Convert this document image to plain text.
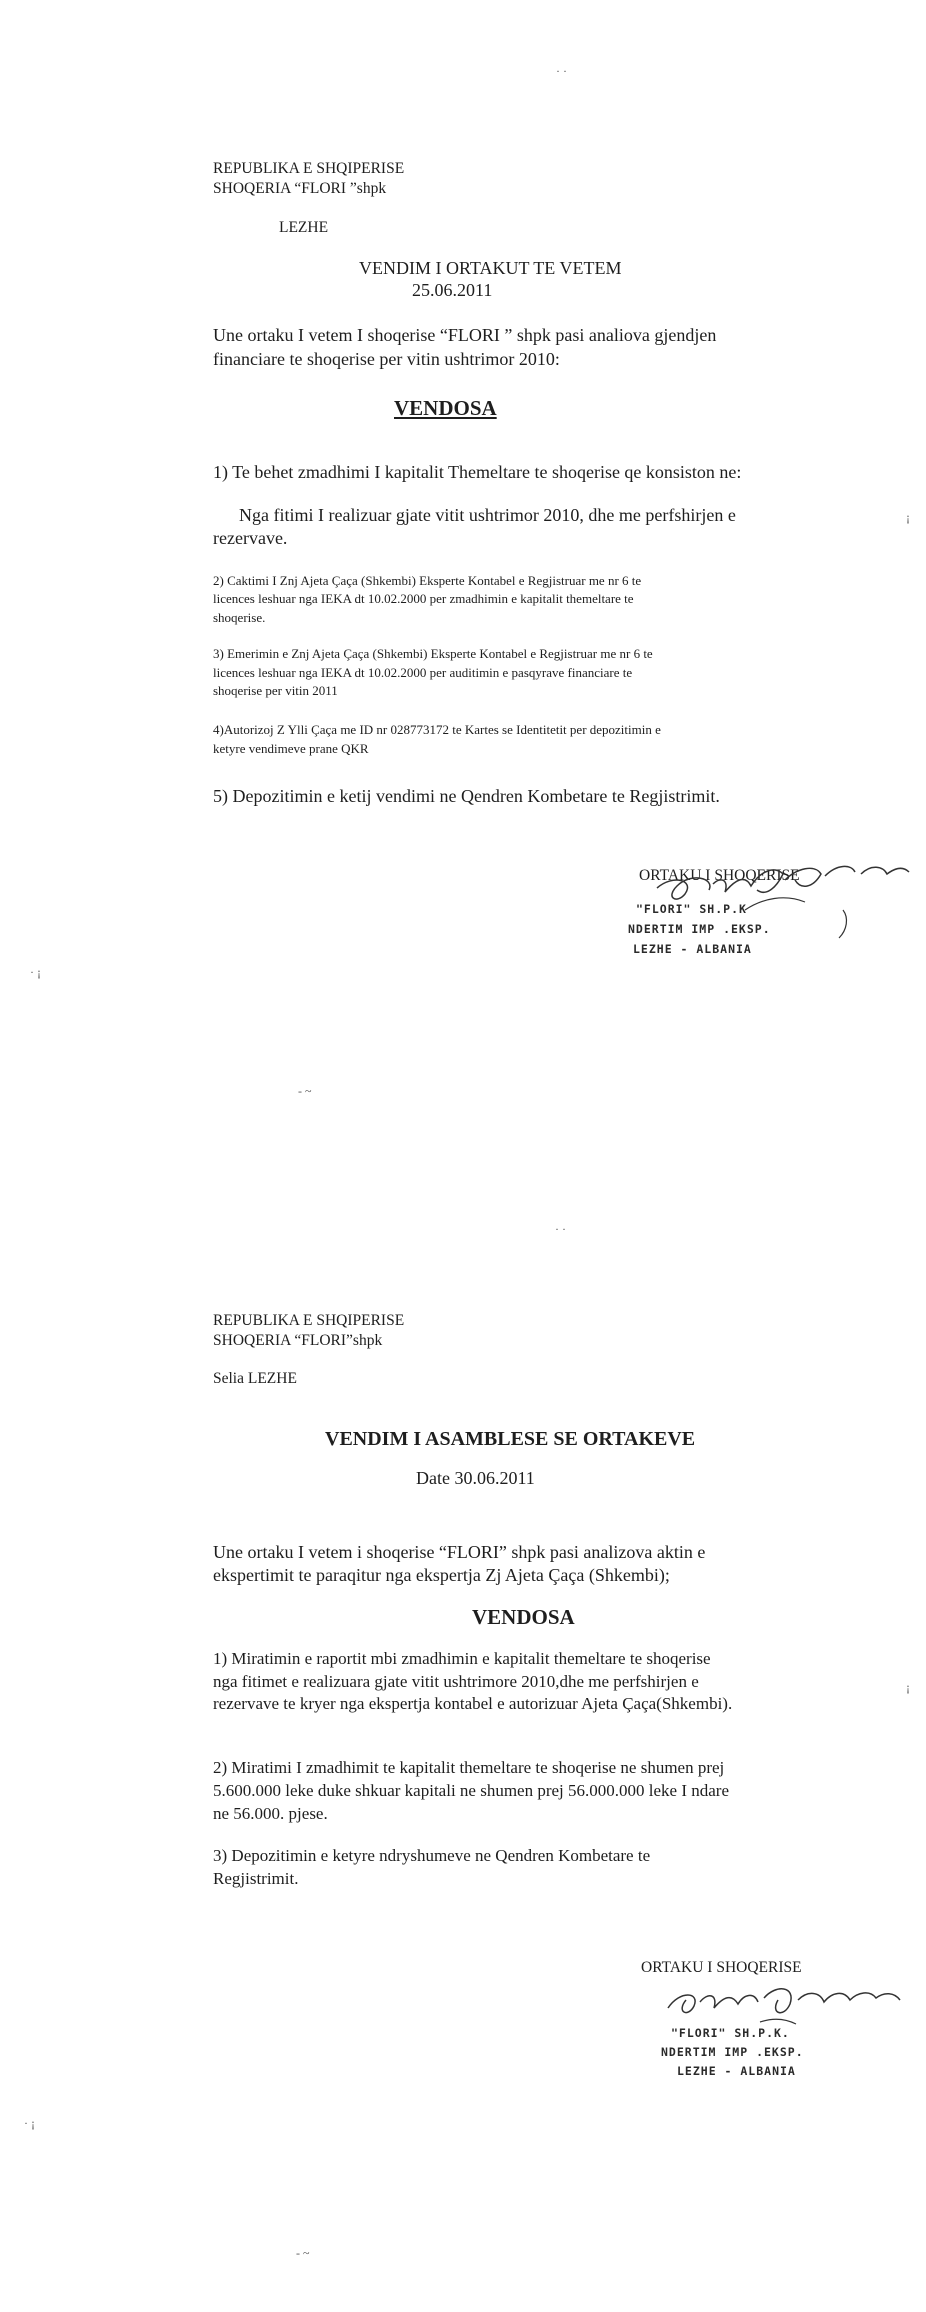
REPUBLIKA E SHQIPERISE
SHOQERIA “FLORI ”shpk
LEZHE
VENDIM I ORTAKUT TE VETEM
25.06.2011
Une ortaku I vetem I shoqerise “FLORI ” shpk pasi analiova gjendjen
financiare te shoqerise per vitin ushtrimor 2010:
VENDOSA
1) Te behet zmadhimi I kapitalit Themeltare te shoqerise qe konsiston ne:
Nga fitimi I realizuar gjate vitit ushtrimor 2010, dhe me perfshirjen e
rezervave.
2) Caktimi I Znj Ajeta Çaça (Shkembi) Eksperte Kontabel e Regjistruar me nr 6 te
licences leshuar nga IEKA dt 10.02.2000 per zmadhimin e kapitalit themeltare te
shoqerise.
3) Emerimin e Znj Ajeta Çaça (Shkembi) Eksperte Kontabel e Regjistruar me nr 6 te
licences leshuar nga IEKA dt 10.02.2000 per auditimin e pasqyrave financiare te
shoqerise per vitin 2011
4)Autorizoj Z Ylli Çaça me ID nr 028773172 te Kartes se Identitetit per depozitimin e
ketyre vendimeve prane QKR
5) Depozitimin e ketij vendimi ne Qendren Kombetare te Regjistrimit.
ORTAKU I SHOQERISE
"FLORI" SH.P.K
NDERTIM IMP .EKSP.
LEZHE - ALBANIA
· ·
· ¡
- ~
¡
REPUBLIKA E SHQIPERISE
SHOQERIA “FLORI”shpk
Selia LEZHE
VENDIM I ASAMBLESE SE ORTAKEVE
Date 30.06.2011
Une ortaku I vetem i shoqerise “FLORI” shpk pasi analizova aktin e
ekspertimit te paraqitur nga ekspertja Zj Ajeta Çaça (Shkembi);
VENDOSA
1) Miratimin e raportit mbi zmadhimin e kapitalit themeltare te shoqerise
nga fitimet e realizuara gjate vitit ushtrimore 2010,dhe me perfshirjen e
rezervave te kryer nga ekspertja kontabel e autorizuar Ajeta Çaça(Shkembi).
2) Miratimi I zmadhimit te kapitalit themeltare te shoqerise ne shumen prej
5.600.000 leke duke shkuar kapitali ne shumen prej 56.000.000 leke I ndare
ne 56.000. pjese.
3) Depozitimin e ketyre ndryshumeve ne Qendren Kombetare te
Regjistrimit.
ORTAKU I SHOQERISE
"FLORI" SH.P.K.
NDERTIM IMP .EKSP.
LEZHE - ALBANIA
· ·
· ¡
- ~
¡
